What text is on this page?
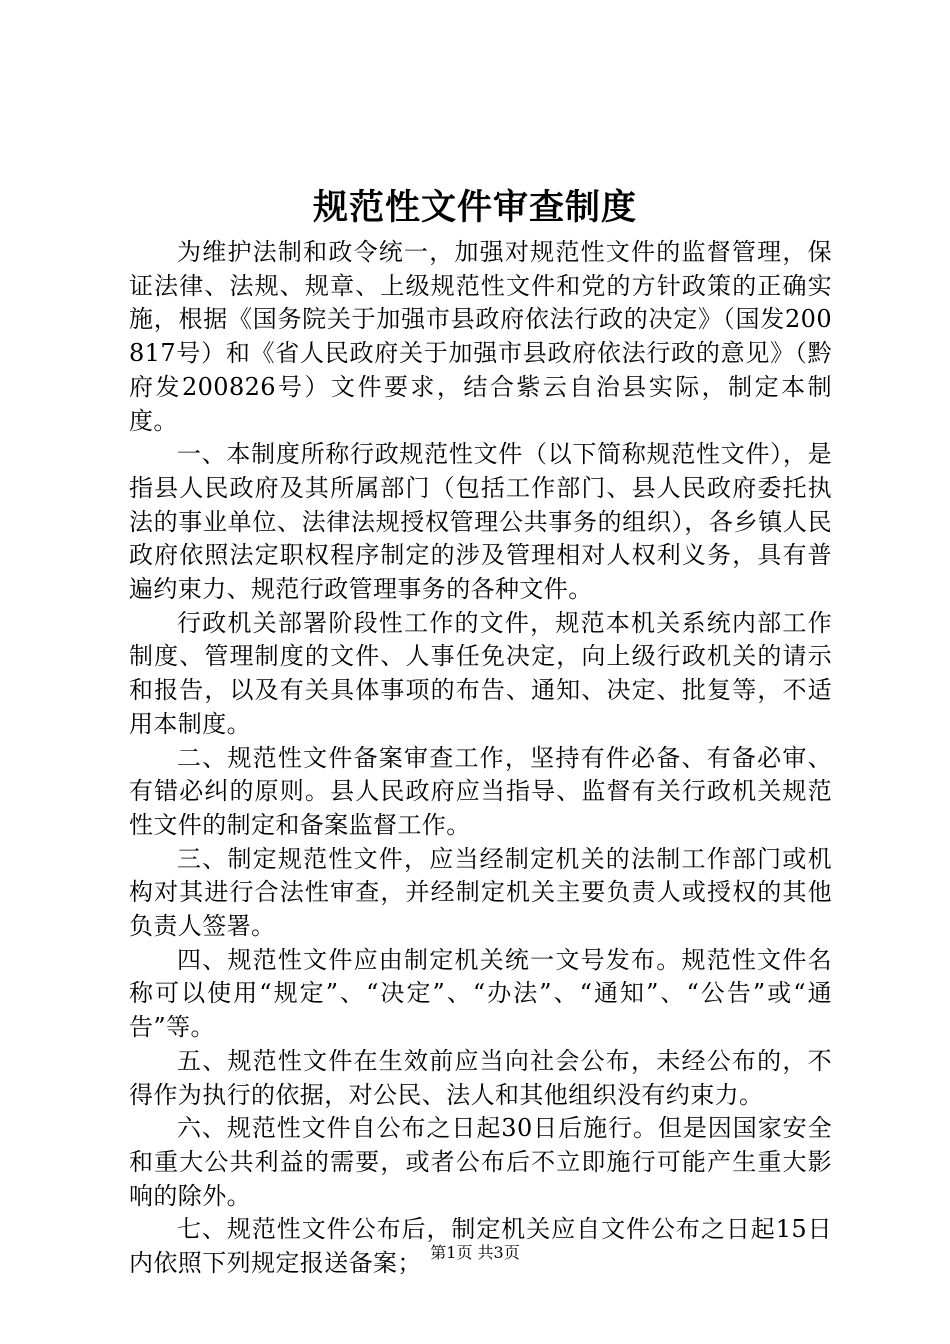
规范性文件审查制度

为维护法制和政令统一，加强对规范性文件的监督管理，保证法律、法规、规章、上级规范性文件和党的方针政策的正确实施，根据《国务院关于加强市县政府依法行政的决定》（国发200817号）和《省人民政府关于加强市县政府依法行政的意见》（黔府发200826号）文件要求，结合紫云自治县实际，制定本制度。

一、本制度所称行政规范性文件（以下简称规范性文件），是指县人民政府及其所属部门（包括工作部门、县人民政府委托执法的事业单位、法律法规授权管理公共事务的组织），各乡镇人民政府依照法定职权程序制定的涉及管理相对人权利义务，具有普遍约束力、规范行政管理事务的各种文件。

行政机关部署阶段性工作的文件，规范本机关系统内部工作制度、管理制度的文件、人事任免决定，向上级行政机关的请示和报告，以及有关具体事项的布告、通知、决定、批复等，不适用本制度。

二、规范性文件备案审查工作，坚持有件必备、有备必审、有错必纠的原则。县人民政府应当指导、监督有关行政机关规范性文件的制定和备案监督工作。

三、制定规范性文件，应当经制定机关的法制工作部门或机构对其进行合法性审查，并经制定机关主要负责人或授权的其他负责人签署。

四、规范性文件应由制定机关统一文号发布。规范性文件名称可以使用“规定”、“决定”、“办法”、“通知”、“公告”或“通告”等。

五、规范性文件在生效前应当向社会公布，未经公布的，不得作为执行的依据，对公民、法人和其他组织没有约束力。

六、规范性文件自公布之日起30日后施行。但是因国家安全和重大公共利益的需要，或者公布后不立即施行可能产生重大影响的除外。

七、规范性文件公布后，制定机关应自文件公布之日起15日内依照下列规定报送备案； 第1页 共3页
